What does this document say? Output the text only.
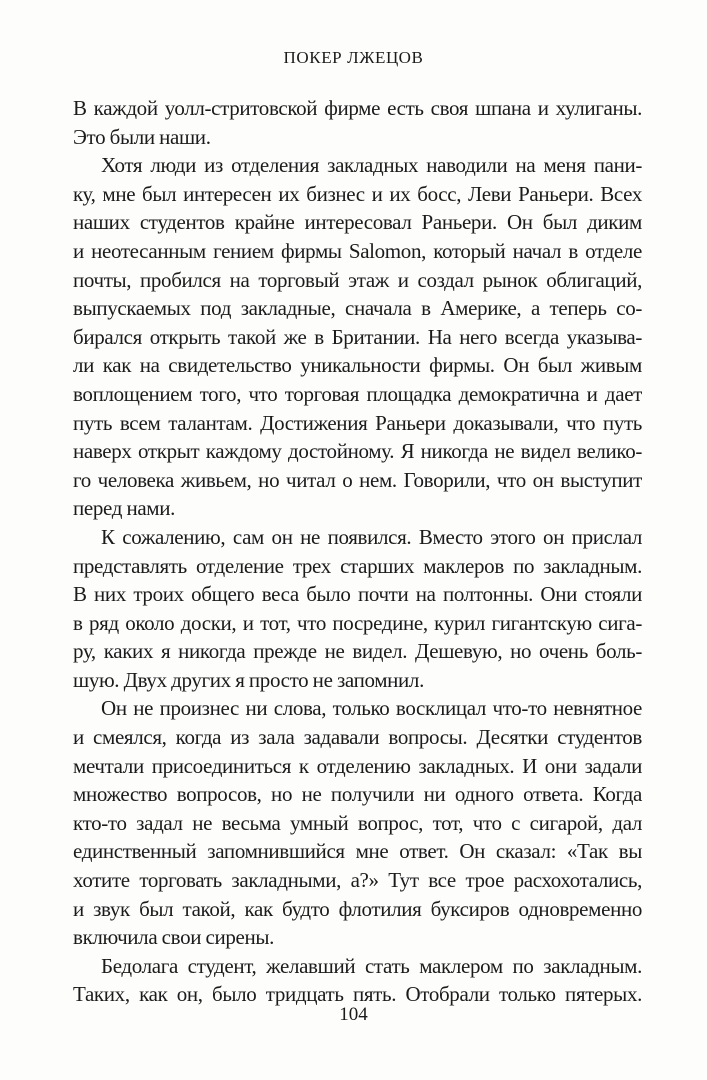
ПОКЕР ЛЖЕЦОВ
В каждой уолл-стритовской фирме есть своя шпана и хулиганы.
Это были наши.
Хотя люди из отделения закладных наводили на меня пани-
ку, мне был интересен их бизнес и их босс, Леви Раньери. Всех
наших студентов крайне интересовал Раньери. Он был диким
и неотесанным гением фирмы Salomon, который начал в отделе
почты, пробился на торговый этаж и создал рынок облигаций,
выпускаемых под закладные, сначала в Америке, а теперь со-
бирался открыть такой же в Британии. На него всегда указыва-
ли как на свидетельство уникальности фирмы. Он был живым
воплощением того, что торговая площадка демократична и дает
путь всем талантам. Достижения Раньери доказывали, что путь
наверх открыт каждому достойному. Я никогда не видел велико-
го человека живьем, но читал о нем. Говорили, что он выступит
перед нами.
К сожалению, сам он не появился. Вместо этого он прислал
представлять отделение трех старших маклеров по закладным.
В них троих общего веса было почти на полтонны. Они стояли
в ряд около доски, и тот, что посредине, курил гигантскую сига-
ру, каких я никогда прежде не видел. Дешевую, но очень боль-
шую. Двух других я просто не запомнил.
Он не произнес ни слова, только восклицал что-то невнятное
и смеялся, когда из зала задавали вопросы. Десятки студентов
мечтали присоединиться к отделению закладных. И они задали
множество вопросов, но не получили ни одного ответа. Когда
кто-то задал не весьма умный вопрос, тот, что с сигарой, дал
единственный запомнившийся мне ответ. Он сказал: «Так вы
хотите торговать закладными, а?» Тут все трое расхохотались,
и звук был такой, как будто флотилия буксиров одновременно
включила свои сирены.
Бедолага студент, желавший стать маклером по закладным.
Таких, как он, было тридцать пять. Отобрали только пятерых.
104
